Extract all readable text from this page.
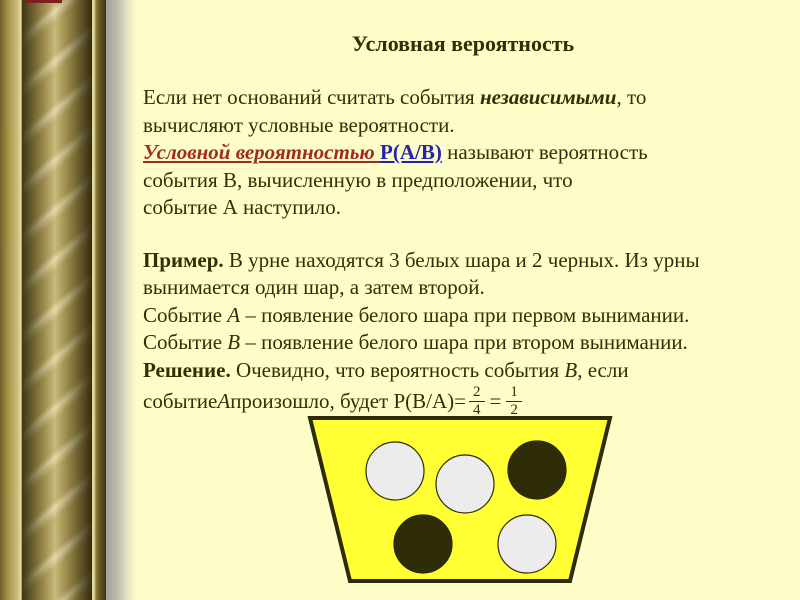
Условная вероятность

Если нет оснований считать события независимыми, то
вычисляют условные вероятности.
Условной вероятностью P(A/B) называют вероятность
события В, вычисленную в предположении, что
событие А наступило.

Пример. В урне находятся 3 белых шара и 2 черных. Из урны
вынимается один шар, а затем второй.
Событие А – появление белого шара при первом вынимании.
Событие В – появление белого шара при втором вынимании.
Решение. Очевидно, что вероятность события B, если

событие А произошло, будет $P(B/A)= \frac{2}{4} = \frac{1}{2}$
